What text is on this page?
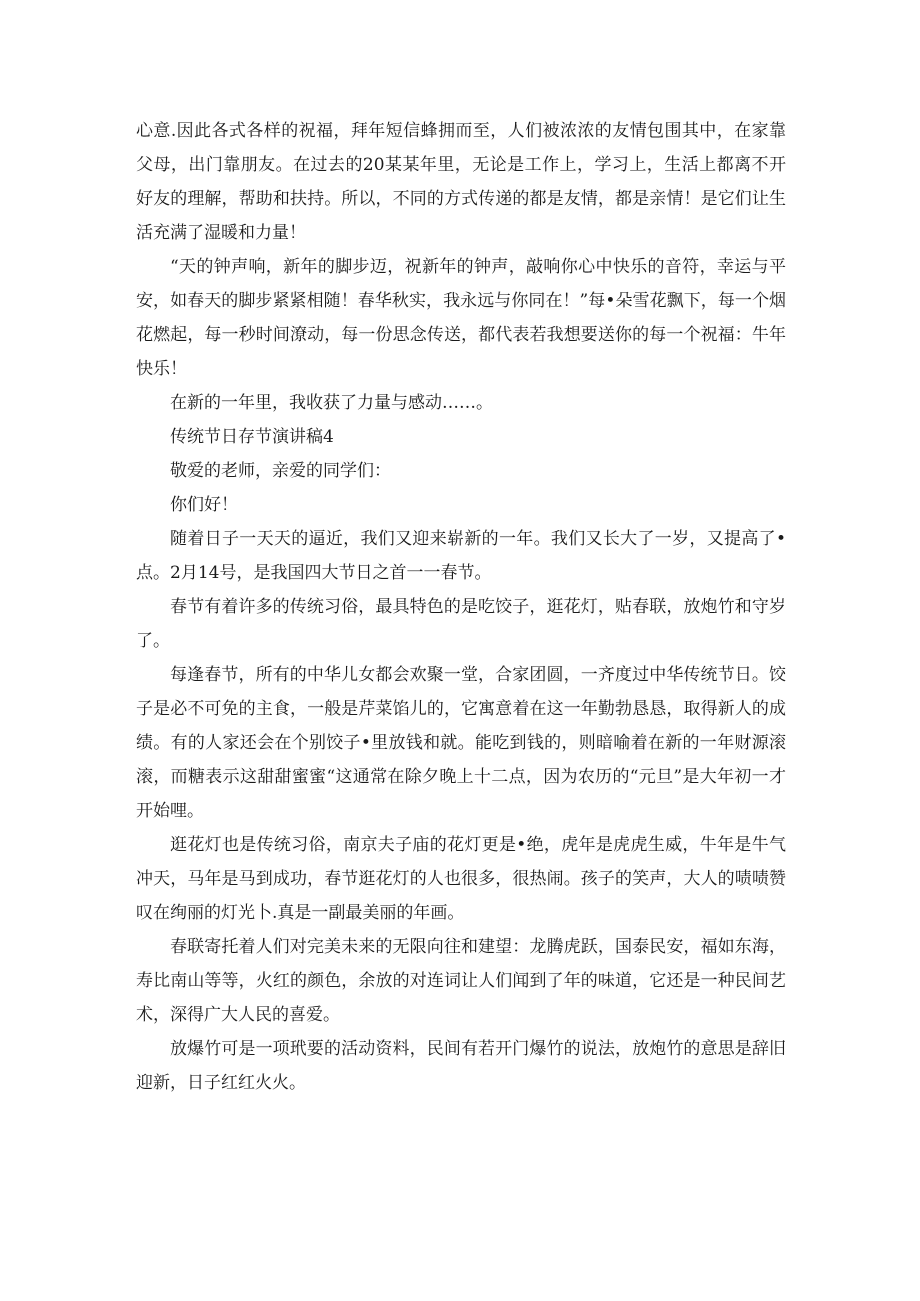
心意.因此各式各样的祝福，拜年短信蜂拥而至，人们被浓浓的友情包围其中，在家靠父母，出门靠朋友。在过去的20某某年里，无论是工作上，学习上，生活上都离不开好友的理解，帮助和扶持。所以，不同的方式传递的都是友情，都是亲情！是它们让生活充满了湿暖和力量！

“天的钟声响，新年的脚步迈，祝新年的钟声，敲响你心中快乐的音符，幸运与平安，如春天的脚步紧紧相随！春华秋实，我永远与你同在！”每•朵雪花飘下，每一个烟花燃起，每一秒时间潦动，每一份思念传送，都代表若我想要送你的每一个祝福：牛年快乐！

在新的一年里，我收获了力量与感动……。

传统节日存节演讲稿4

敬爱的老师，亲爱的同学们：

你们好！

随着日子一天天的逼近，我们又迎来崭新的一年。我们又长大了一岁，又提高了•点。2月14号，是我国四大节日之首一一春节。

春节有着许多的传统习俗，最具特色的是吃饺子，逛花灯，贴春联，放炮竹和守岁了。

每逢春节，所有的中华儿女都会欢聚一堂，合家团圆，一齐度过中华传统节日。饺子是必不可免的主食，一般是芹菜馅儿的，它寓意着在这一年勤勃恳恳，取得新人的成绩。有的人家还会在个别饺子•里放钱和就。能吃到钱的，则暗喻着在新的一年财源滚滚，而糖表示这甜甜蜜蜜“这通常在除夕晚上十二点，因为农历的“元旦”是大年初一才开始哩。

逛花灯也是传统习俗，南京夫子庙的花灯更是•绝，虎年是虎虎生威，牛年是牛气冲天，马年是马到成功，春节逛花灯的人也很多，很热闹。孩子的笑声，大人的啧啧赞叹在绚丽的灯光卜.真是一副最美丽的年画。

春联寄托着人们对完美未来的无限向往和建望：龙腾虎跃，国泰民安，福如东海，寿比南山等等，火红的颜色，余放的对连词让人们闻到了年的味道，它还是一种民间艺术，深得广大人民的喜爱。

放爆竹可是一项玳要的活动资料，民间有若开门爆竹的说法，放炮竹的意思是辞旧迎新，日子红红火火。
